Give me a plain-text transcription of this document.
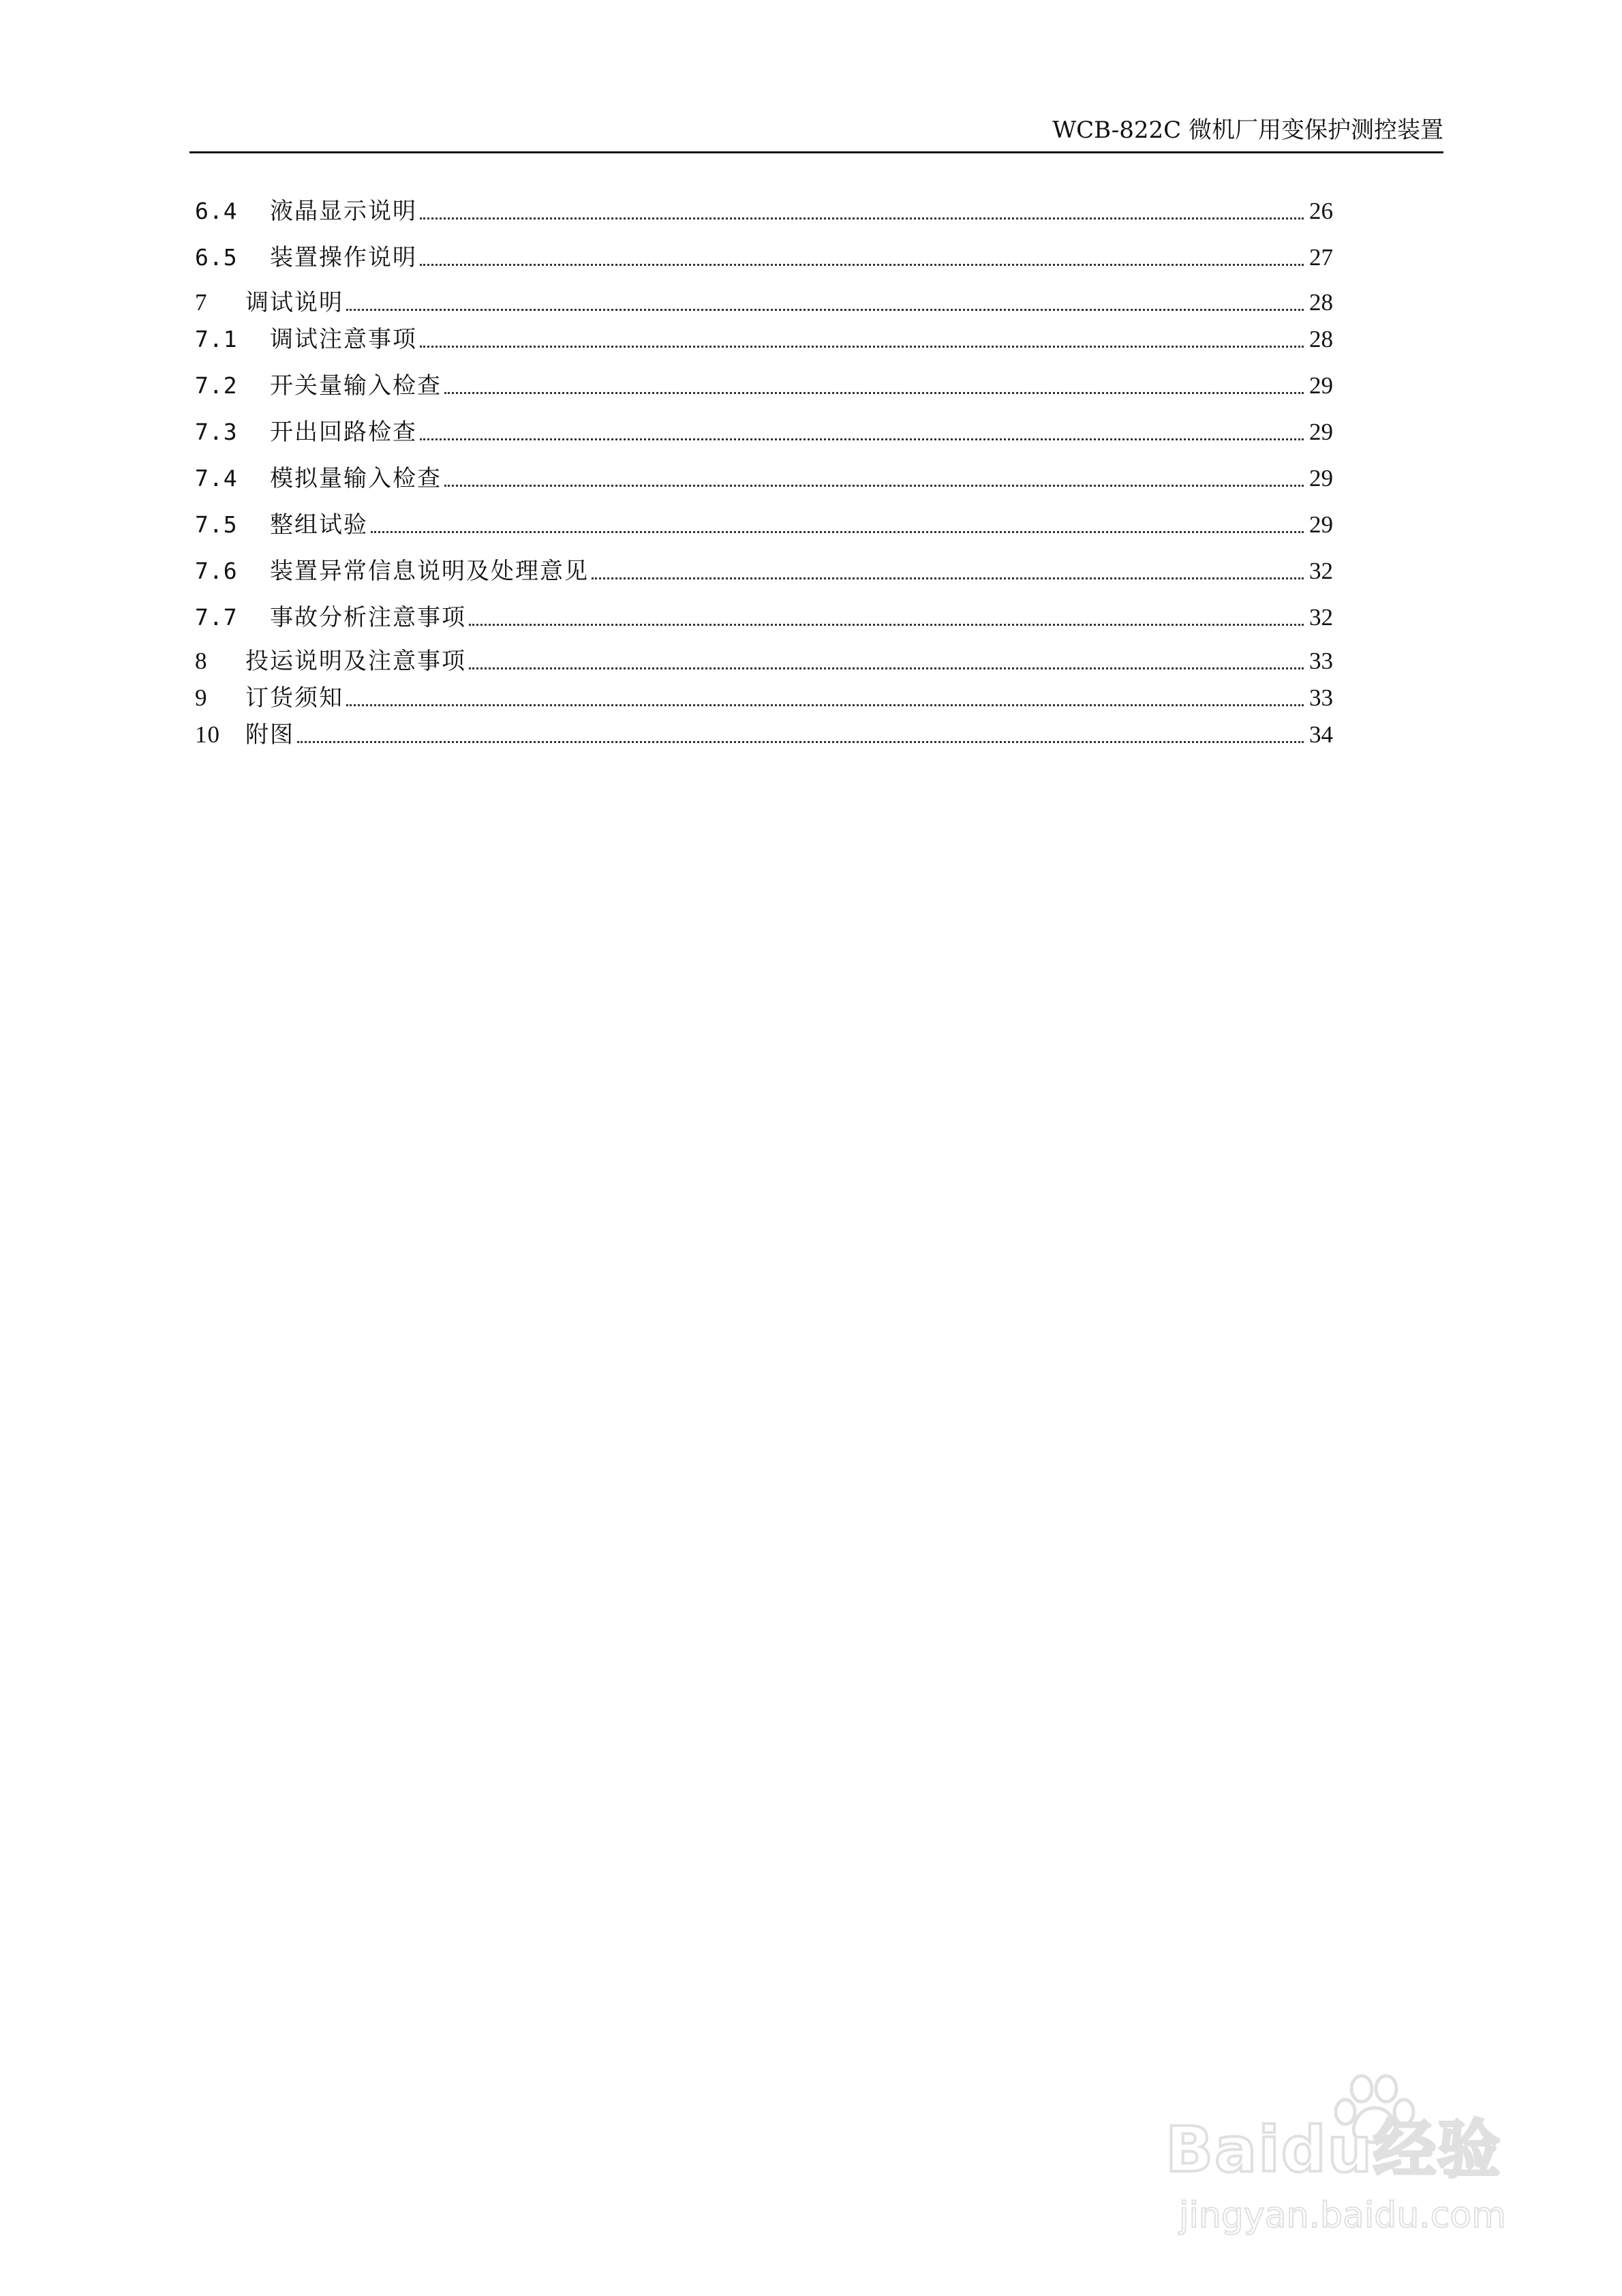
WCB-822C 微机厂用变保护测控装置
6.4	液晶显示说明	26
6.5	装置操作说明	27
7	调试说明	28
7.1	调试注意事项	28
7.2	开关量输入检查	29
7.3	开出回路检查	29
7.4	模拟量输入检查	29
7.5	整组试验	29
7.6	装置异常信息说明及处理意见	32
7.7	事故分析注意事项	32
8	投运说明及注意事项	33
9	订货须知	33
10	附图	34
Baidu经验
jingyan.baidu.com
